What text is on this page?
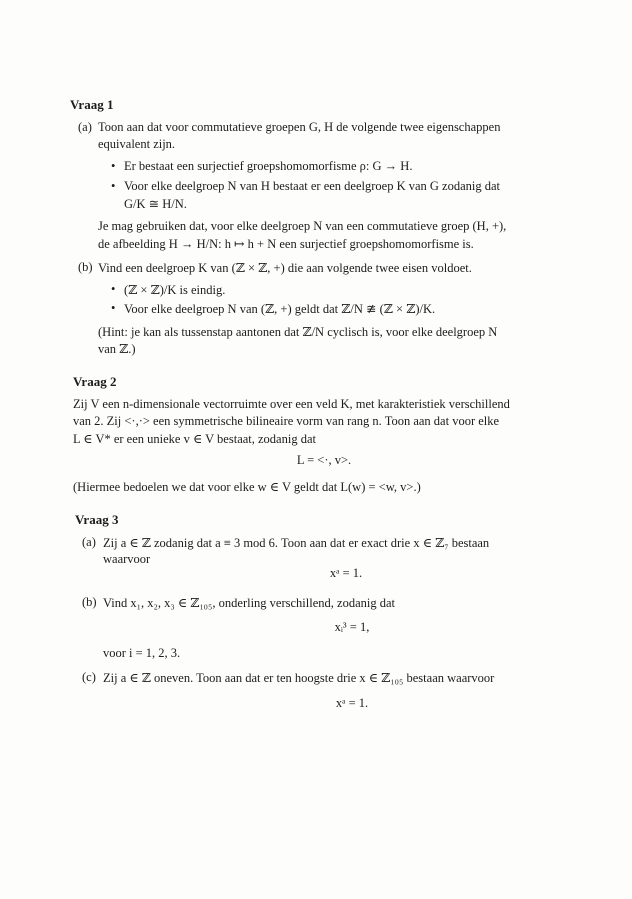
Vraag 1
(a) Toon aan dat voor commutatieve groepen G, H de volgende twee eigenschappen
equivalent zijn.
• Er bestaat een surjectief groepshomomorfisme ρ: G → H.
• Voor elke deelgroep N van H bestaat er een deelgroep K van G zodanig dat
G/K ≅ H/N.
Je mag gebruiken dat, voor elke deelgroep N van een commutatieve groep (H, +),
de afbeelding H → H/N: h ↦ h + N een surjectief groepshomomorfisme is.
(b) Vind een deelgroep K van (ℤ × ℤ, +) die aan volgende twee eisen voldoet.
• (ℤ × ℤ)/K is eindig.
• Voor elke deelgroep N van (ℤ, +) geldt dat ℤ/N ≇ (ℤ × ℤ)/K.
(Hint: je kan als tussenstap aantonen dat ℤ/N cyclisch is, voor elke deelgroep N
van ℤ.)
Vraag 2
Zij V een n-dimensionale vectorruimte over een veld K, met karakteristiek verschillend
van 2. Zij <·,·> een symmetrische bilineaire vorm van rang n. Toon aan dat voor elke
L ∈ V* er een unieke v ∈ V bestaat, zodanig dat
L = <·, v>.
(Hiermee bedoelen we dat voor elke w ∈ V geldt dat L(w) = <w, v>.)
Vraag 3
(a) Zij a ∈ ℤ zodanig dat a ≡ 3 mod 6. Toon aan dat er exact drie x ∈ ℤ₇ bestaan
waarvoor
xᵃ = 1.
(b) Vind x₁, x₂, x₃ ∈ ℤ₁₀₅, onderling verschillend, zodanig dat
xᵢ³ = 1,
voor i = 1, 2, 3.
(c) Zij a ∈ ℤ oneven. Toon aan dat er ten hoogste drie x ∈ ℤ₁₀₅ bestaan waarvoor
xᵃ = 1.
